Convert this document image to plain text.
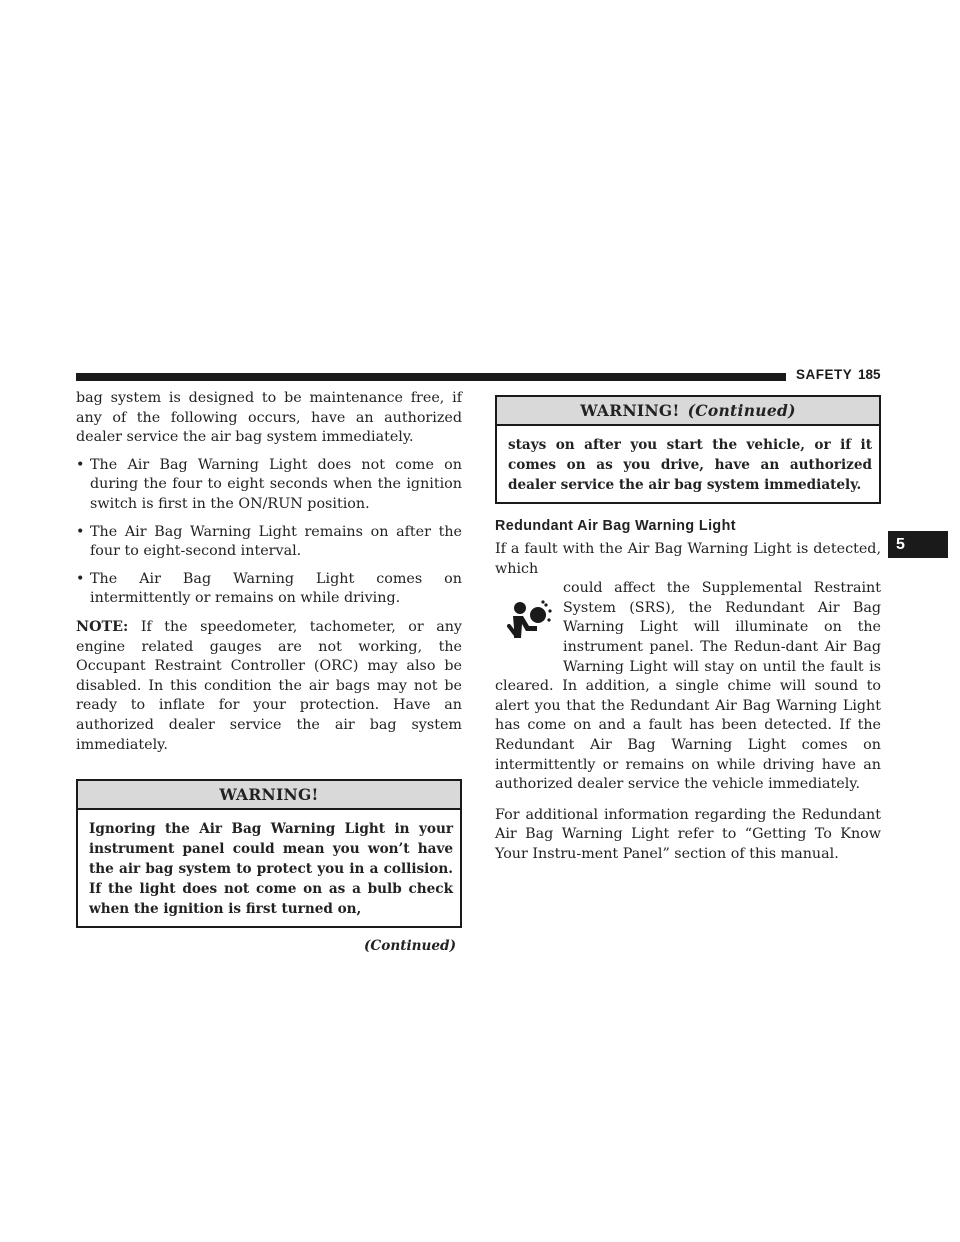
SAFETY 185
5

bag system is designed to be maintenance free, if any of the following occurs, have an authorized dealer service the air bag system immediately.

• The Air Bag Warning Light does not come on during the four to eight seconds when the ignition switch is first in the ON/RUN position.
• The Air Bag Warning Light remains on after the four to eight-second interval.
• The Air Bag Warning Light comes on intermittently or remains on while driving.

NOTE: If the speedometer, tachometer, or any engine related gauges are not working, the Occupant Restraint Controller (ORC) may also be disabled. In this condition the air bags may not be ready to inflate for your protection. Have an authorized dealer service the air bag system immediately.

WARNING!
Ignoring the Air Bag Warning Light in your instrument panel could mean you won’t have the air bag system to protect you in a collision. If the light does not come on as a bulb check when the ignition is first turned on,
(Continued)
WARNING! (Continued)
stays on after you start the vehicle, or if it comes on as you drive, have an authorized dealer service the air bag system immediately.
Redundant Air Bag Warning Light

If a fault with the Air Bag Warning Light is detected, which

could affect the Supplemental Restraint System (SRS), the Redundant Air Bag Warning Light will illuminate on the instrument panel. The Redun-dant Air Bag Warning Light will stay on until the fault is cleared. In addition, a single chime will sound to alert you that the Redundant Air Bag Warning Light has come on and a fault has been detected. If the Redundant Air Bag Warning Light comes on intermittently or remains on while driving have an authorized dealer service the vehicle immediately.

For additional information regarding the Redundant Air Bag Warning Light refer to “Getting To Know Your Instru-ment Panel” section of this manual.
